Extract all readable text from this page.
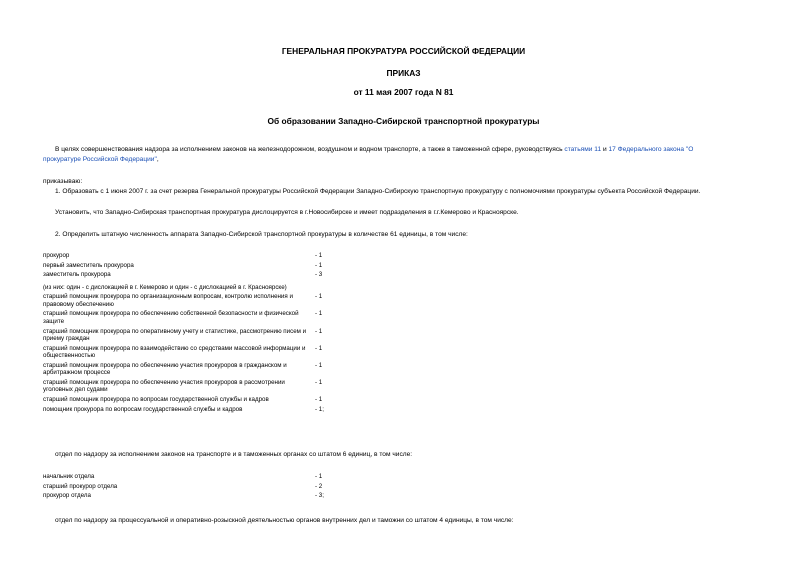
ГЕНЕРАЛЬНАЯ ПРОКУРАТУРА РОССИЙСКОЙ ФЕДЕРАЦИИ
ПРИКАЗ
от 11 мая 2007 года N 81
Об образовании Западно-Сибирской транспортной прокуратуры
В целях совершенствования надзора за исполнением законов на железнодорожном, воздушном и водном транспорте, а также в таможенной сфере, руководствуясь статьями 11 и 17 Федерального закона "О
прокуратуре Российской Федерации",
приказываю:
1. Образовать с 1 июня 2007 г. за счет резерва Генеральной прокуратуры Российской Федерации Западно-Сибирскую транспортную прокуратуру с полномочиями прокуратуры субъекта Российской Федерации.
Установить, что Западно-Сибирская транспортная прокуратура дислоцируется в г.Новосибирске и имеет подразделения в г.г.Кемерово и Красноярске.
2. Определить штатную численность аппарата Западно-Сибирской транспортной прокуратуры в количестве 61 единицы, в том числе:
прокурор	- 1
первый заместитель прокурора	- 1
заместитель прокурора	- 3
(из них: один - с дислокацией в г. Кемерово и один - с дислокацией в г. Красноярске)	
старший помощник прокурора по организационным вопросам, контролю исполнения и правовому обеспечению	- 1
старший помощник прокурора по обеспечению собственной безопасности и физической защите	- 1
старший помощник прокурора по оперативному учету и статистике, рассмотрению писем и приему граждан	- 1
старший помощник прокурора по взаимодействию со средствами массовой информации и общественностью	- 1
старший помощник прокурора по обеспечению участия прокуроров в гражданском и арбитражном процессе	- 1
старший помощник прокурора по обеспечению участия прокуроров в рассмотрении уголовных дел судами	- 1
старший помощник прокурора по вопросам государственной службы и кадров	- 1
помощник прокурора по вопросам государственной службы и кадров	- 1;
отдел по надзору за исполнением законов на транспорте и в таможенных органах со штатом 6 единиц, в том числе:
начальник отдела	- 1
старший прокурор отдела	- 2
прокурор отдела	- 3;
отдел по надзору за процессуальной и оперативно-розыскной деятельностью органов внутренних дел и таможни со штатом 4 единицы, в том числе:
